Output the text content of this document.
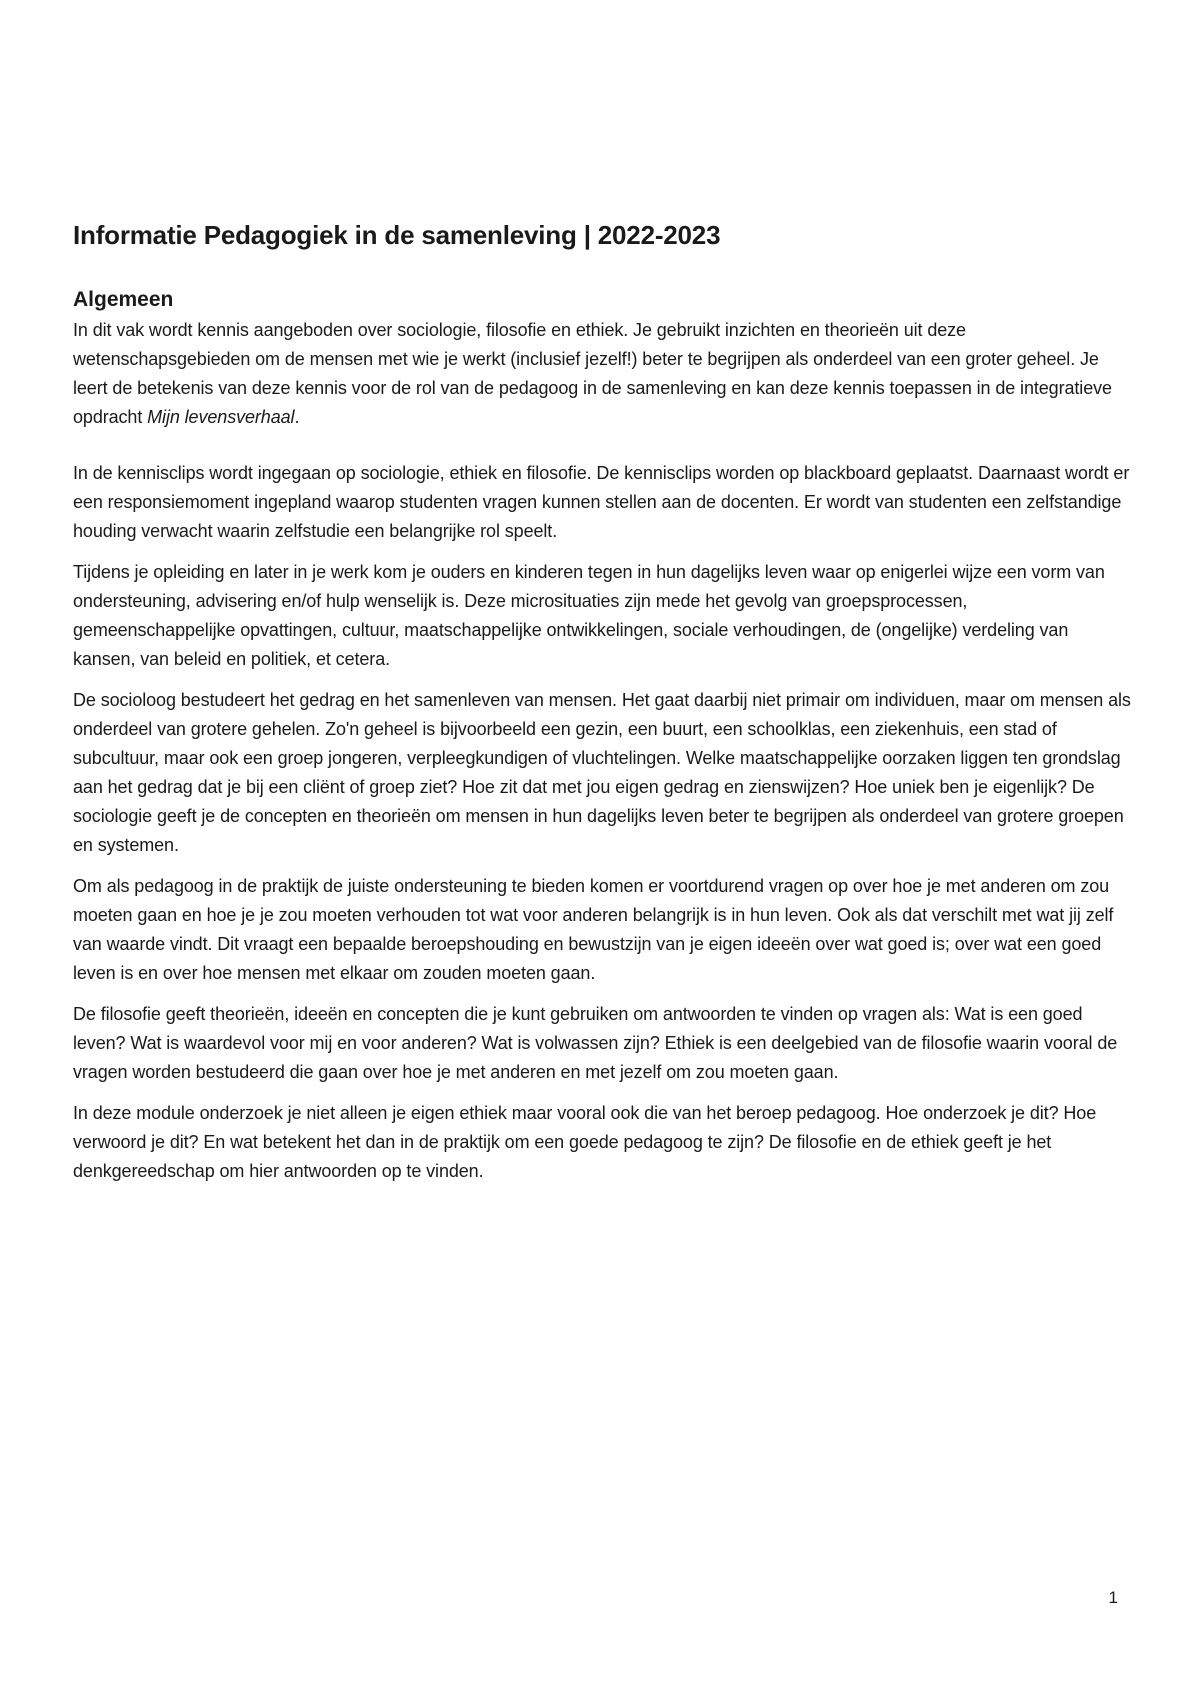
Informatie Pedagogiek in de samenleving | 2022-2023
Algemeen

In dit vak wordt kennis aangeboden over sociologie, filosofie en ethiek. Je gebruikt inzichten en theorieën uit deze wetenschapsgebieden om de mensen met wie je werkt (inclusief jezelf!) beter te begrijpen als onderdeel van een groter geheel. Je leert de betekenis van deze kennis voor de rol van de pedagoog in de samenleving en kan deze kennis toepassen in de integratieve opdracht Mijn levensverhaal.

In de kennisclips wordt ingegaan op sociologie, ethiek en filosofie. De kennisclips worden op blackboard geplaatst. Daarnaast wordt er een responsiemoment ingepland waarop studenten vragen kunnen stellen aan de docenten. Er wordt van studenten een zelfstandige houding verwacht waarin zelfstudie een belangrijke rol speelt.

Tijdens je opleiding en later in je werk kom je ouders en kinderen tegen in hun dagelijks leven waar op enigerlei wijze een vorm van ondersteuning, advisering en/of hulp wenselijk is. Deze microsituaties zijn mede het gevolg van groepsprocessen, gemeenschappelijke opvattingen, cultuur, maatschappelijke ontwikkelingen, sociale verhoudingen, de (ongelijke) verdeling van kansen, van beleid en politiek, et cetera.

De socioloog bestudeert het gedrag en het samenleven van mensen. Het gaat daarbij niet primair om individuen, maar om mensen als onderdeel van grotere gehelen. Zo'n geheel is bijvoorbeeld een gezin, een buurt, een schoolklas, een ziekenhuis, een stad of subcultuur, maar ook een groep jongeren, verpleegkundigen of vluchtelingen. Welke maatschappelijke oorzaken liggen ten grondslag aan het gedrag dat je bij een cliënt of groep ziet? Hoe zit dat met jou eigen gedrag en zienswijzen? Hoe uniek ben je eigenlijk? De sociologie geeft je de concepten en theorieën om mensen in hun dagelijks leven beter te begrijpen als onderdeel van grotere groepen en systemen.

Om als pedagoog in de praktijk de juiste ondersteuning te bieden komen er voortdurend vragen op over hoe je met anderen om zou moeten gaan en hoe je je zou moeten verhouden tot wat voor anderen belangrijk is in hun leven. Ook als dat verschilt met wat jij zelf van waarde vindt. Dit vraagt een bepaalde beroepshouding en bewustzijn van je eigen ideeën over wat goed is; over wat een goed leven is en over hoe mensen met elkaar om zouden moeten gaan.

De filosofie geeft theorieën, ideeën en concepten die je kunt gebruiken om antwoorden te vinden op vragen als: Wat is een goed leven? Wat is waardevol voor mij en voor anderen? Wat is volwassen zijn? Ethiek is een deelgebied van de filosofie waarin vooral de vragen worden bestudeerd die gaan over hoe je met anderen en met jezelf om zou moeten gaan.

In deze module onderzoek je niet alleen je eigen ethiek maar vooral ook die van het beroep pedagoog. Hoe onderzoek je dit? Hoe verwoord je dit? En wat betekent het dan in de praktijk om een goede pedagoog te zijn? De filosofie en de ethiek geeft je het denkgereedschap om hier antwoorden op te vinden.

1
